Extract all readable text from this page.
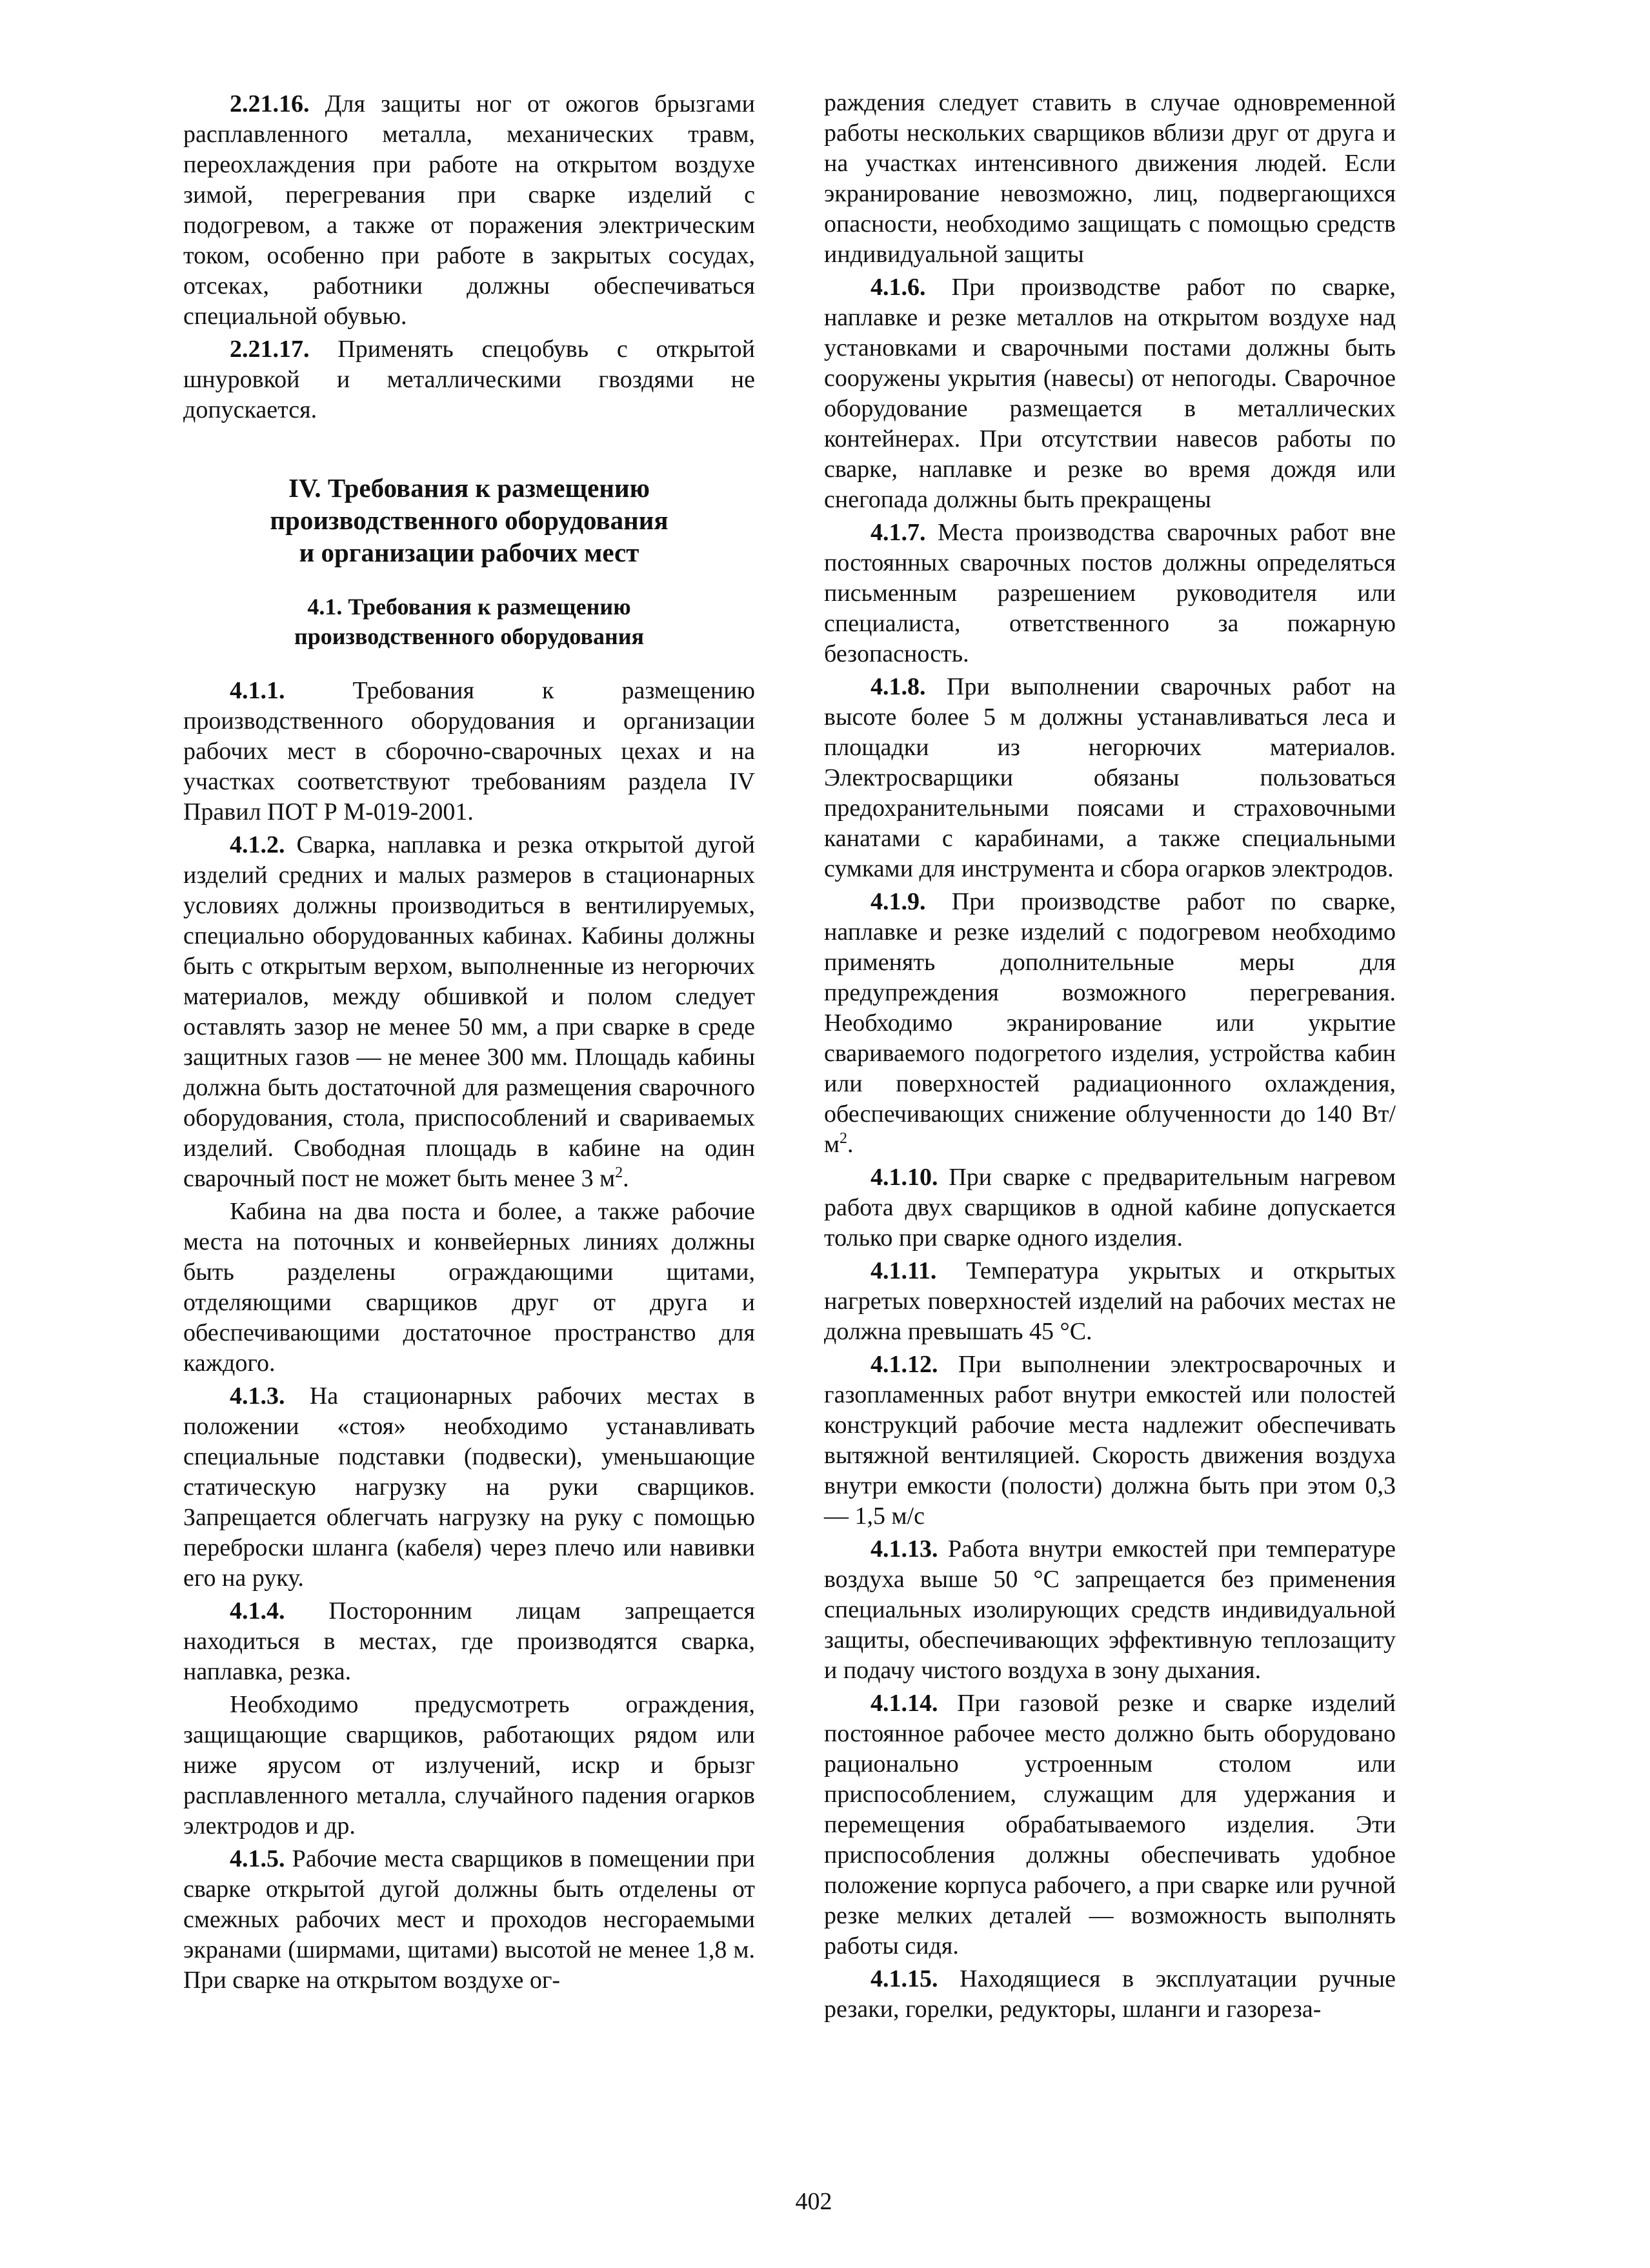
2.21.16. Для защиты ног от ожогов брызгами расплавленного металла, механических травм, переохлаждения при работе на открытом воздухе зимой, перегревания при сварке изделий с подогревом, а также от поражения электрическим током, особенно при работе в закрытых сосудах, отсеках, работники должны обеспечиваться специальной обувью.

2.21.17. Применять спецобувь с открытой шнуровкой и металлическими гвоздями не допускается.

IV. Требования к размещению
производственного оборудования
и организации рабочих мест
4.1. Требования к размещению
производственного оборудования

4.1.1. Требования к размещению производственного оборудования и организации рабочих мест в сборочно-сварочных цехах и на участках соответствуют требованиям раздела IV Правил ПОТ Р М-019-2001.

4.1.2. Сварка, наплавка и резка открытой дугой изделий средних и малых размеров в стационарных условиях должны производиться в вентилируемых, специально оборудованных кабинах. Кабины должны быть с открытым верхом, выполненные из негорючих материалов, между обшивкой и полом следует оставлять зазор не менее 50 мм, а при сварке в среде защитных газов — не менее 300 мм. Площадь кабины должна быть достаточной для размещения сварочного оборудования, стола, приспособлений и свариваемых изделий. Свободная площадь в кабине на один сварочный пост не может быть менее 3 $м^2$.

Кабина на два поста и более, а также рабочие места на поточных и конвейерных линиях должны быть разделены ограждающими щитами, отделяющими сварщиков друг от друга и обеспечивающими достаточное пространство для каждого.

4.1.3. На стационарных рабочих местах в положении «стоя» необходимо устанавливать специальные подставки (подвески), уменьшающие статическую нагрузку на руки сварщиков. Запрещается облегчать нагрузку на руку с помощью переброски шланга (кабеля) через плечо или навивки его на руку.

4.1.4. Посторонним лицам запрещается находиться в местах, где производятся сварка, наплавка, резка.

Необходимо предусмотреть ограждения, защищающие сварщиков, работающих рядом или ниже ярусом от излучений, искр и брызг расплавленного металла, случайного падения огарков электродов и др.

4.1.5. Рабочие места сварщиков в помещении при сварке открытой дугой должны быть отделены от смежных рабочих мест и проходов несгораемыми экранами (ширмами, щитами) высотой не менее 1,8 м. При сварке на открытом воздухе ог-

раждения следует ставить в случае одновременной работы нескольких сварщиков вблизи друг от друга и на участках интенсивного движения людей. Если экранирование невозможно, лиц, подвергающихся опасности, необходимо защищать с помощью средств индивидуальной защиты

4.1.6. При производстве работ по сварке, наплавке и резке металлов на открытом воздухе над установками и сварочными постами должны быть сооружены укрытия (навесы) от непогоды. Сварочное оборудование размещается в металлических контейнерах. При отсутствии навесов работы по сварке, наплавке и резке во время дождя или снегопада должны быть прекращены

4.1.7. Места производства сварочных работ вне постоянных сварочных постов должны определяться письменным разрешением руководителя или специалиста, ответственного за пожарную безопасность.

4.1.8. При выполнении сварочных работ на высоте более 5 м должны устанавливаться леса и площадки из негорючих материалов. Электросварщики обязаны пользоваться предохранительными поясами и страховочными канатами с карабинами, а также специальными сумками для инструмента и сбора огарков электродов.

4.1.9. При производстве работ по сварке, наплавке и резке изделий с подогревом необходимо применять дополнительные меры для предупреждения возможного перегревания. Необходимо экранирование или укрытие свариваемого подогретого изделия, устройства кабин или поверхностей радиационного охлаждения, обеспечивающих снижение облученности до 140 $Вт/м^2$.

4.1.10. При сварке с предварительным нагревом работа двух сварщиков в одной кабине допускается только при сварке одного изделия.

4.1.11. Температура укрытых и открытых нагретых поверхностей изделий на рабочих местах не должна превышать 45 °С.

4.1.12. При выполнении электросварочных и газопламенных работ внутри емкостей или полостей конструкций рабочие места надлежит обеспечивать вытяжной вентиляцией. Скорость движения воздуха внутри емкости (полости) должна быть при этом 0,3 — 1,5 м/с

4.1.13. Работа внутри емкостей при температуре воздуха выше 50 °С запрещается без применения специальных изолирующих средств индивидуальной защиты, обеспечивающих эффективную теплозащиту и подачу чистого воздуха в зону дыхания.

4.1.14. При газовой резке и сварке изделий постоянное рабочее место должно быть оборудовано рационально устроенным столом или приспособлением, служащим для удержания и перемещения обрабатываемого изделия. Эти приспособления должны обеспечивать удобное положение корпуса рабочего, а при сварке или ручной резке мелких деталей — возможность выполнять работы сидя.

4.1.15. Находящиеся в эксплуатации ручные резаки, горелки, редукторы, шланги и газореза-

402
